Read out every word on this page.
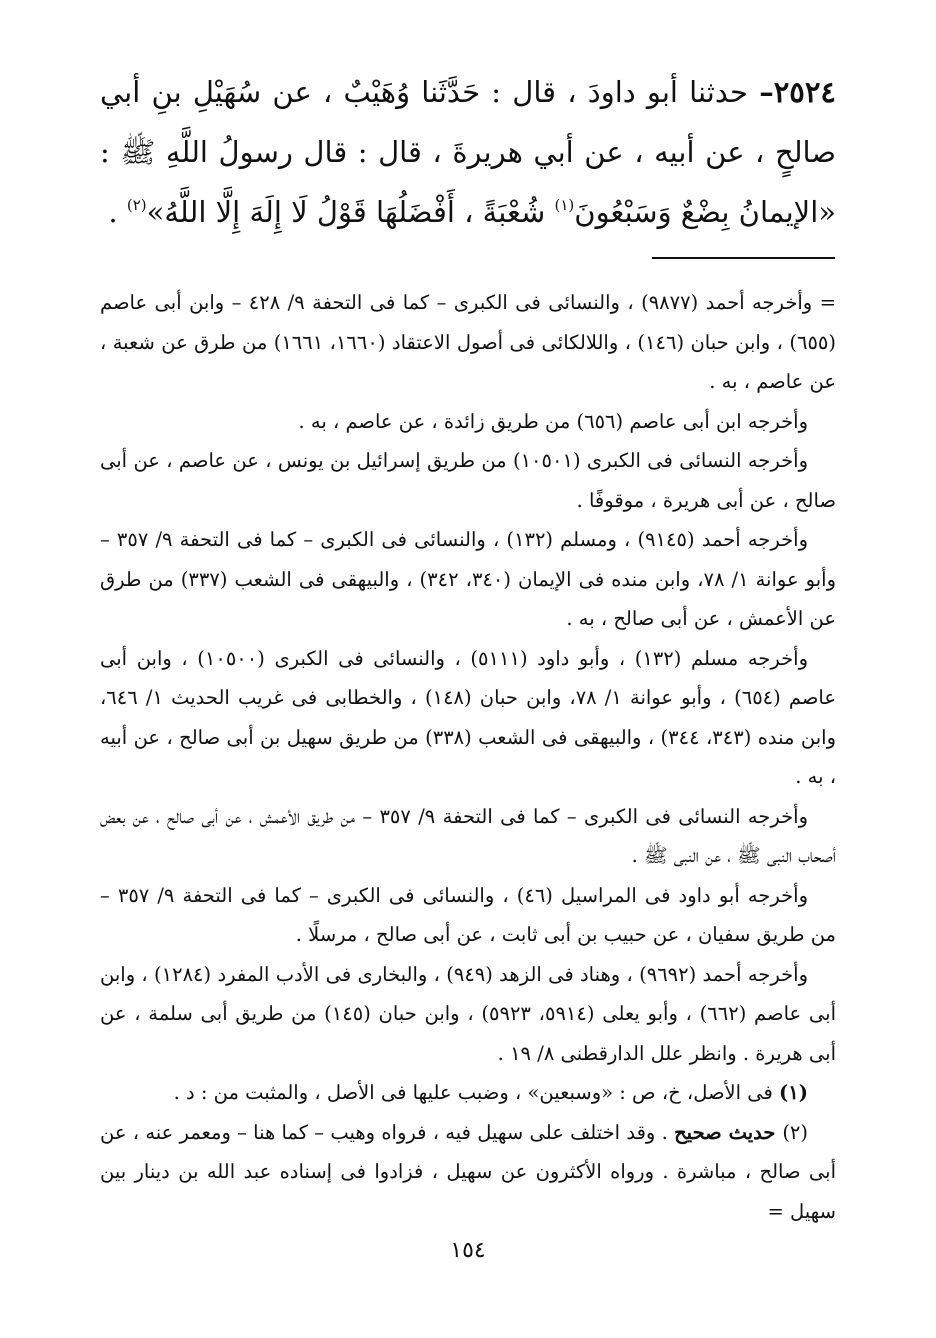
٢٥٢٤– حدثنا أبو داودَ ، قال : حَدَّثَنا وُهَيْبٌ ، عن سُهَيْلِ بنِ أبي صالحٍ ، عن أبيه ، عن أبي هريرةَ ، قال : قال رسولُ اللَّهِ ﷺ : «الإيمانُ بِضْعٌ وَسَبْعُونَ$^{(١)}$ شُعْبَةً ، أَفْضَلُهَا قَوْلُ لَا إِلَهَ إِلَّا اللَّهُ»$^{(٢)}$ .

= وأخرجه أحمد (٩٨٧٧) ، والنسائى فى الكبرى – كما فى التحفة ٩/ ٤٢٨ – وابن أبى عاصم (٦٥٥) ، وابن حبان (١٤٦) ، واللالكائى فى أصول الاعتقاد (١٦٦٠، ١٦٦١) من طرق عن شعبة ، عن عاصم ، به .

وأخرجه ابن أبى عاصم (٦٥٦) من طريق زائدة ، عن عاصم ، به .

وأخرجه النسائى فى الكبرى (١٠٥٠١) من طريق إسرائيل بن يونس ، عن عاصم ، عن أبى صالح ، عن أبى هريرة ، موقوفًا .

وأخرجه أحمد (٩١٤٥) ، ومسلم (١٣٢) ، والنسائى فى الكبرى – كما فى التحفة ٩/ ٣٥٧ – وأبو عوانة ١/ ٧٨، وابن منده فى الإيمان (٣٤٠، ٣٤٢) ، والبيهقى فى الشعب (٣٣٧) من طرق عن الأعمش ، عن أبى صالح ، به .

وأخرجه مسلم (١٣٢) ، وأبو داود (٥١١١) ، والنسائى فى الكبرى (١٠٥٠٠) ، وابن أبى عاصم (٦٥٤) ، وأبو عوانة ١/ ٧٨، وابن حبان (١٤٨) ، والخطابى فى غريب الحديث ١/ ٦٤٦، وابن منده (٣٤٣، ٣٤٤) ، والبيهقى فى الشعب (٣٣٨) من طريق سهيل بن أبى صالح ، عن أبيه ، به .

وأخرجه النسائى فى الكبرى – كما فى التحفة ٩/ ٣٥٧ – من طريق الأعمش ، عن أبى صالح ، عن بعض أصحاب النبى ﷺ ، عن النبى ﷺ .

وأخرجه أبو داود فى المراسيل (٤٦) ، والنسائى فى الكبرى – كما فى التحفة ٩/ ٣٥٧ – من طريق سفيان ، عن حبيب بن أبى ثابت ، عن أبى صالح ، مرسلًا .

وأخرجه أحمد (٩٦٩٢) ، وهناد فى الزهد (٩٤٩) ، والبخارى فى الأدب المفرد (١٢٨٤) ، وابن أبى عاصم (٦٦٢) ، وأبو يعلى (٥٩١٤، ٥٩٢٣) ، وابن حبان (١٤٥) من طريق أبى سلمة ، عن أبى هريرة . وانظر علل الدارقطنى ٨/ ١٩ .

(١) فى الأصل، خ، ص : «وسبعين» ، وضبب عليها فى الأصل ، والمثبت من : د .

(٢) حديث صحيح . وقد اختلف على سهيل فيه ، فرواه وهيب – كما هنا – ومعمر عنه ، عن أبى صالح ، مباشرة . ورواه الأكثرون عن سهيل ، فزادوا فى إسناده عبد الله بن دينار بين سهيل =

١٥٤
